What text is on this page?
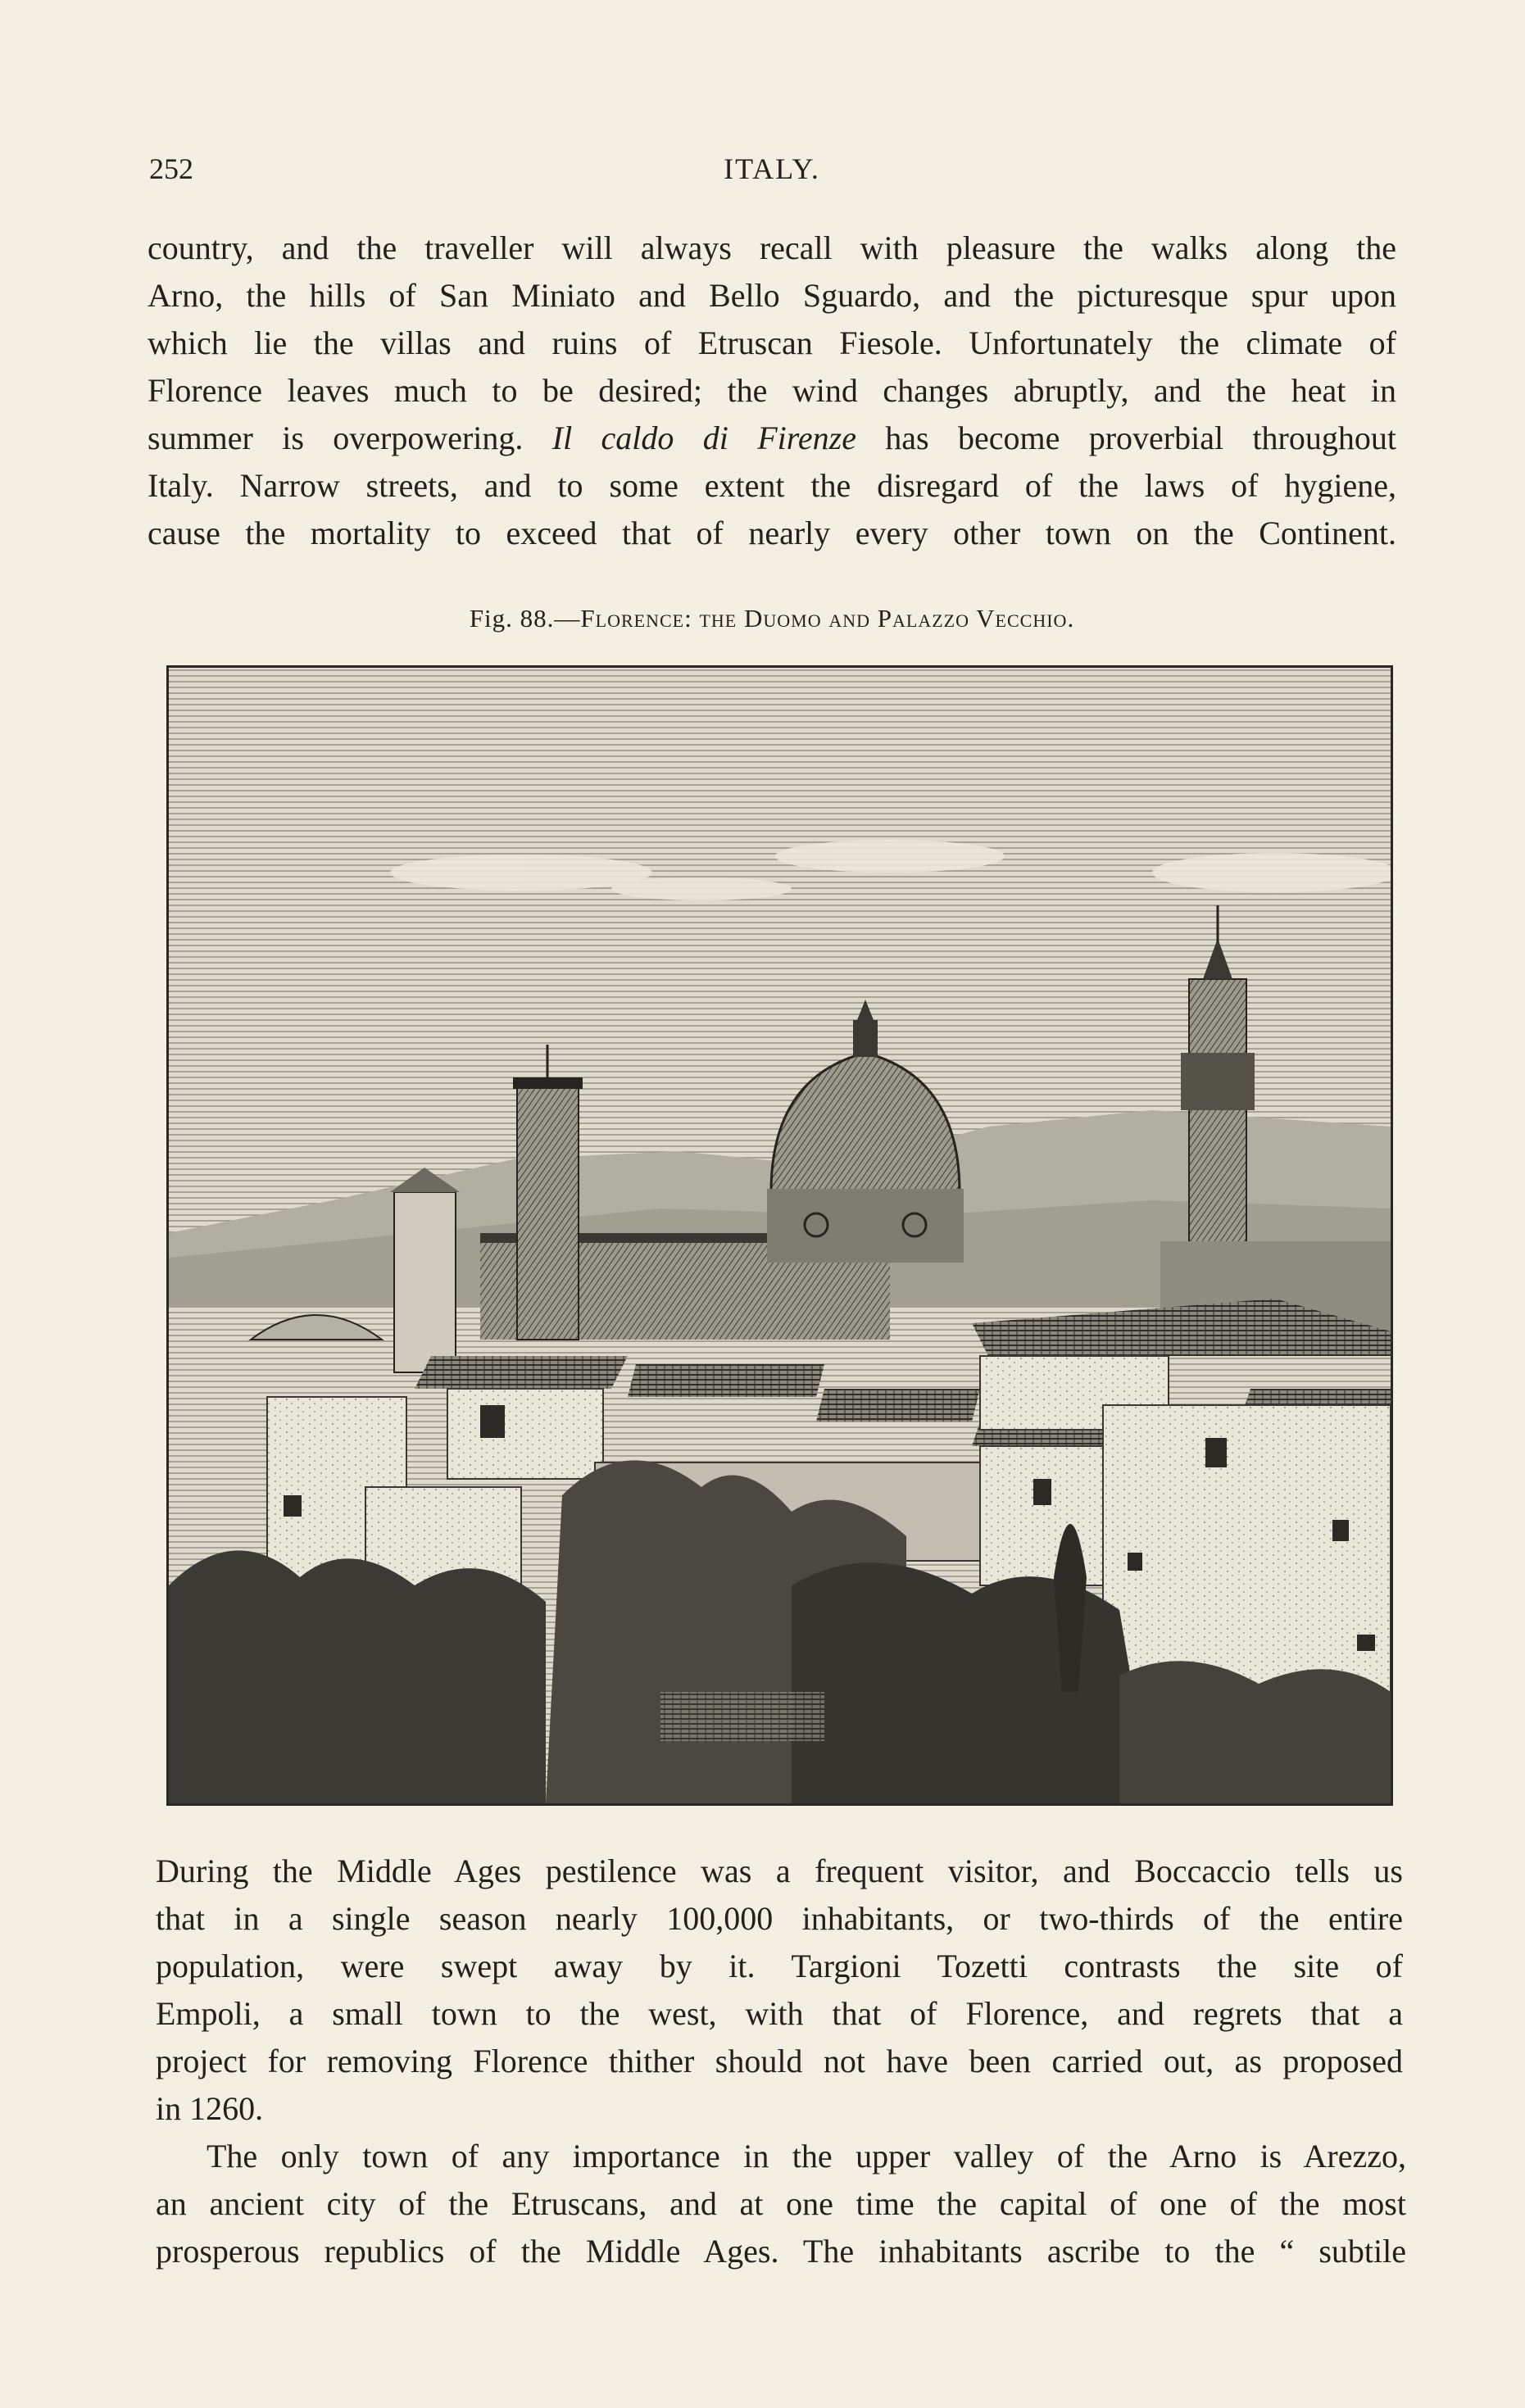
252	ITALY.
country, and the traveller will always recall with pleasure the walks along the
Arno, the hills of San Miniato and Bello Sguardo, and the picturesque spur upon
which lie the villas and ruins of Etruscan Fiesole. Unfortunately the climate of
Florence leaves much to be desired; the wind changes abruptly, and the heat in
summer is overpowering. Il caldo di Firenze has become proverbial throughout
Italy. Narrow streets, and to some extent the disregard of the laws of hygiene,
cause the mortality to exceed that of nearly every other town on the Continent.
Fig. 88.—Florence: the Duomo and Palazzo Vecchio.
During the Middle Ages pestilence was a frequent visitor, and Boccaccio tells us
that in a single season nearly 100,000 inhabitants, or two-thirds of the entire
population, were swept away by it. Targioni Tozetti contrasts the site of
Empoli, a small town to the west, with that of Florence, and regrets that a
project for removing Florence thither should not have been carried out, as proposed
in 1260.
The only town of any importance in the upper valley of the Arno is Arezzo,
an ancient city of the Etruscans, and at one time the capital of one of the most
prosperous republics of the Middle Ages. The inhabitants ascribe to the “ subtile
